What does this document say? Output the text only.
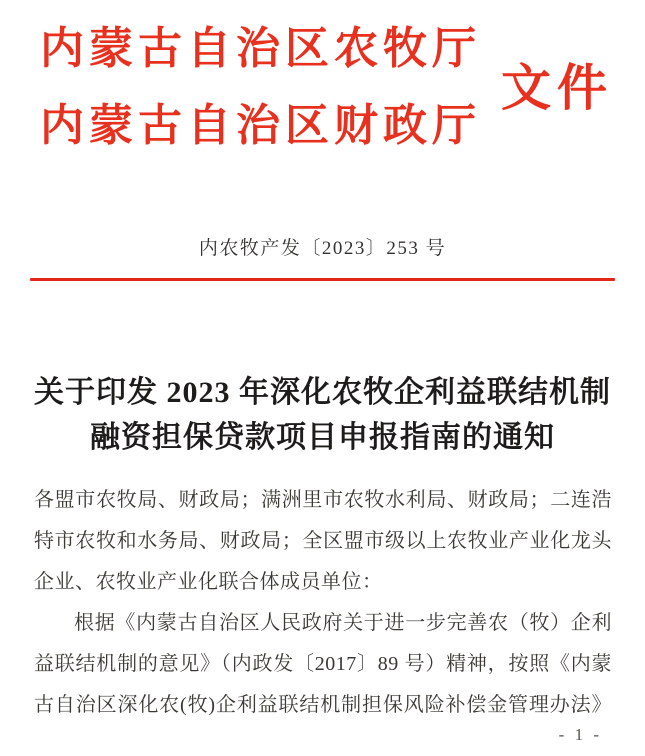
内蒙古自治区农牧厅
内蒙古自治区财政厅
文件
内农牧产发〔2023〕253 号
关于印发 2023 年深化农牧企利益联结机制
融资担保贷款项目申报指南的通知
各盟市农牧局、财政局；满洲里市农牧水利局、财政局；二连浩
特市农牧和水务局、财政局；全区盟市级以上农牧业产业化龙头
企业、农牧业产业化联合体成员单位：
根据《内蒙古自治区人民政府关于进一步完善农（牧）企利
益联结机制的意见》（内政发〔2017〕89 号）精神，按照《内蒙
古自治区深化农(牧)企利益联结机制担保风险补偿金管理办法》
- 1 -
